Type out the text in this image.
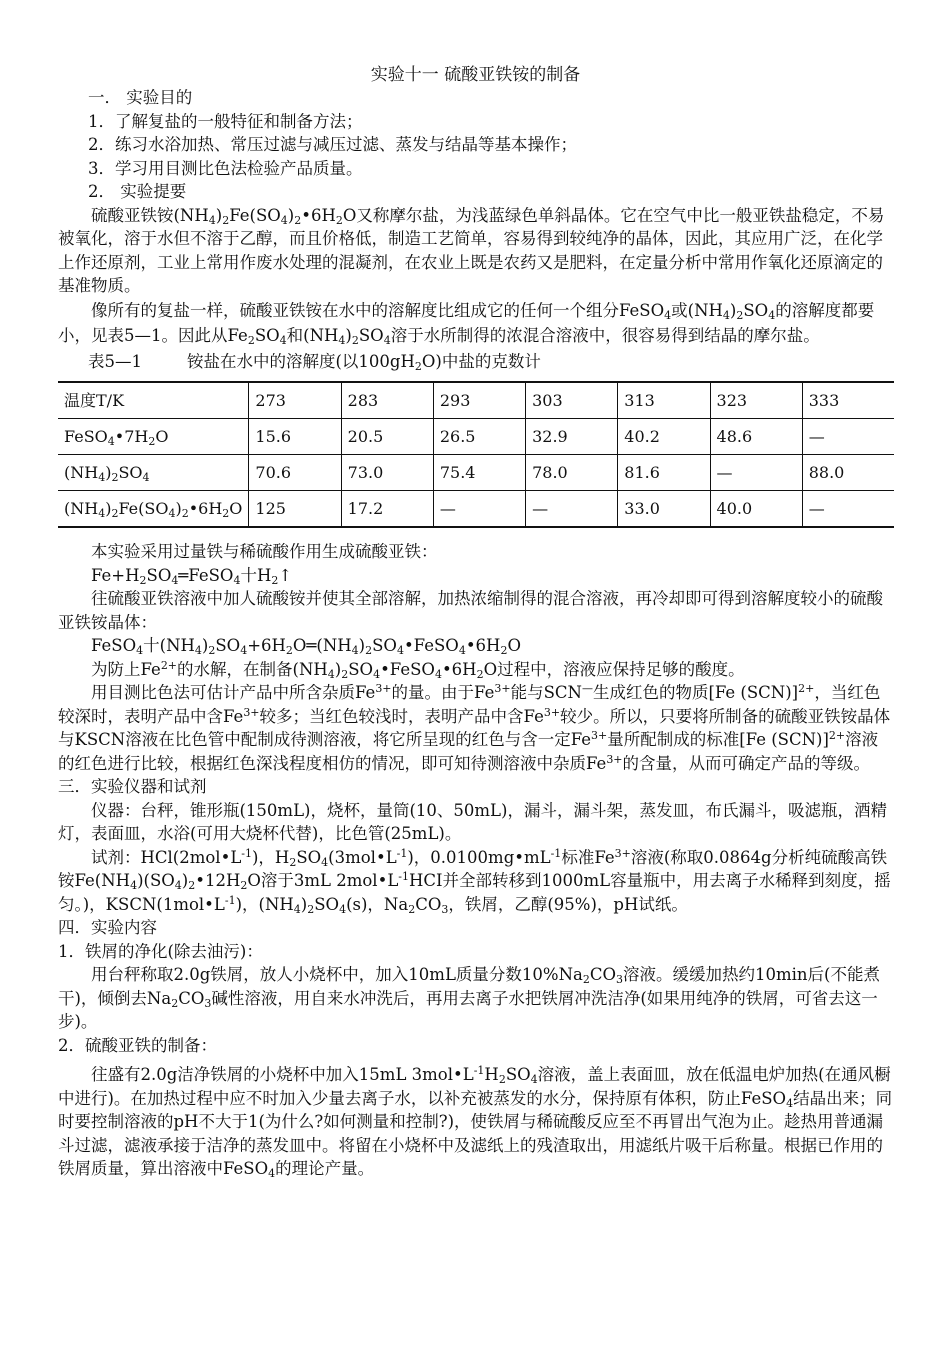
实验十一 硫酸亚铁铵的制备

一． 实验目的

1．了解复盐的一般特征和制备方法；

2．练习水浴加热、常压过滤与减压过滤、蒸发与结晶等基本操作；

3．学习用目测比色法检验产品质量。

2． 实验提要

硫酸亚铁铵$(NH_4)_2Fe(SO_4)_2•6H_2O$又称摩尔盐，为浅蓝绿色单斜晶体。它在空气中比一般亚铁盐稳定，不易被氧化，溶于水但不溶于乙醇，而且价格低，制造工艺简单，容易得到较纯净的晶体，因此，其应用广泛，在化学上作还原剂，工业上常用作废水处理的混凝剂，在农业上既是农药又是肥料，在定量分析中常用作氧化还原滴定的基准物质。

像所有的复盐一样，硫酸亚铁铵在水中的溶解度比组成它的任何一个组分FeSO$_4$或$(NH_4)_2SO_4$的溶解度都要小，见表5—1。因此从$Fe_2SO_4$和$(NH_4)_2SO_4$溶于水所制得的浓混合溶液中，很容易得到结晶的摩尔盐。

表5—1	铵盐在水中的溶解度(以$100gH_2O$)中盐的克数计

温度T/K	273	283	293	303	313	323	333
$FeSO_4•7H_2O$	15.6	20.5	26.5	32.9	40.2	48.6	—
$(NH_4)_2SO_4$	70.6	73.0	75.4	78.0	81.6	—	88.0
$(NH_4)_2Fe(SO_4)_2•6H_2O$	125	17.2	—	—	33.0	40.0	—

本实验采用过量铁与稀硫酸作用生成硫酸亚铁：

$Fe+H_2SO_4═FeSO_4$十$H_2↑$

往硫酸亚铁溶液中加人硫酸铵并使其全部溶解，加热浓缩制得的混合溶液，再冷却即可得到溶解度较小的硫酸亚铁铵晶体：

FeSO$_4$十$(NH_4)_2SO_4+6H_2O═(NH_4)_2SO_4•FeSO_4•6H_2O$

为防上$Fe^{2+}$的水解，在制备$(NH_4)_2SO_4•FeSO_4•6H_2O$过程中，溶液应保持足够的酸度。

用目测比色法可估计产品中所含杂质$Fe^{3+}$的量。由于$Fe^{3+}$能与SCN—生成红色的物质[Fe (SCN)]$^{2+}$，当红色较深时，表明产品中含$Fe^{3+}$较多；当红色较浅时，表明产品中含$Fe^{3+}$较少。所以，只要将所制备的硫酸亚铁铵晶体与KSCN溶液在比色管中配制成待测溶液，将它所呈现的红色与含一定$Fe^{3+}$量所配制成的标准[Fe (SCN)]$^{2+}$溶液的红色进行比较，根据红色深浅程度相仿的情况，即可知待测溶液中杂质$Fe^{3+}$的含量，从而可确定产品的等级。

三．实验仪器和试剂

仪器：台秤，锥形瓶(150mL)，烧杯，量筒(10、50mL)，漏斗，漏斗架，蒸发皿，布氏漏斗，吸滤瓶，酒精灯，表面皿，水浴(可用大烧杯代替)，比色管(25mL)。

试剂：$HCl(2mol•L^{-1})$，$H_2SO_4(3mol•L^{-1})$，$0.0100mg•mL^{-1}$标准$Fe^{3+}$溶液(称取0.0864g分析纯硫酸高铁铵$Fe(NH_4)(SO_4)_2•12H_2O$溶于3mL $2mol•L^{-1}HCI$并全部转移到1000mL容量瓶中，用去离子水稀释到刻度，摇匀。)，$KSCN(1mol•L^{-1})$，$(NH_4)_2SO_4(s)$，$Na_2CO_3$，铁屑，乙醇(95%)，pH试纸。

四．实验内容

1．铁屑的净化(除去油污)：

用台秤称取2.0g铁屑，放人小烧杯中，加入10mL质量分数$10\%Na_2CO_3$溶液。缓缓加热约10min后(不能煮干)，倾倒去$Na_2CO_3$碱性溶液，用自来水冲洗后，再用去离子水把铁屑冲洗洁净(如果用纯净的铁屑，可省去这一步)。

2．硫酸亚铁的制备：

往盛有2.0g洁净铁屑的小烧杯中加入15mL $3mol•L^{-1}H_2SO_4$溶液，盖上表面皿，放在低温电炉加热(在通风橱中进行)。在加热过程中应不时加入少量去离子水，以补充被蒸发的水分，保持原有体积，防止FeSO$_4$结晶出来；同时要控制溶液的pH不大于1(为什么?如何测量和控制?)，使铁屑与稀硫酸反应至不再冒出气泡为止。趁热用普通漏斗过滤，滤液承接于洁净的蒸发皿中。将留在小烧杯中及滤纸上的残渣取出，用滤纸片吸干后称量。根据已作用的铁屑质量，算出溶液中FeSO$_4$的理论产量。
